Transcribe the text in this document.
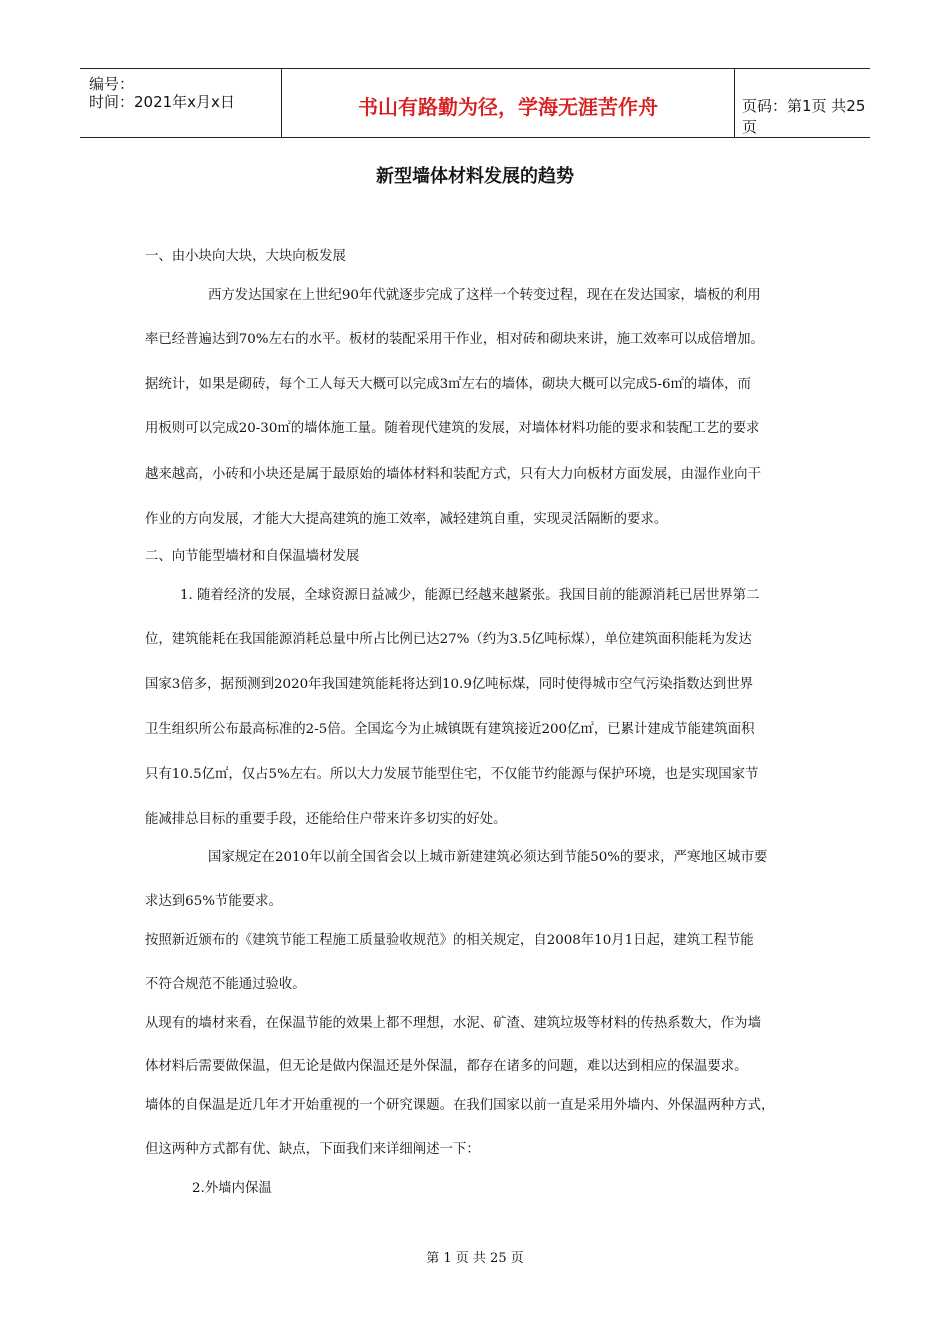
编号：
时间：2021年x月x日	书山有路勤为径，学海无涯苦作舟	页码：第1页 共25页
新型墙体材料发展的趋势
一、由小块向大块，大块向板发展
西方发达国家在上世纪90年代就逐步完成了这样一个转变过程，现在在发达国家，墙板的利用
率已经普遍达到70%左右的水平。板材的装配采用干作业，相对砖和砌块来讲，施工效率可以成倍增加。
据统计，如果是砌砖，每个工人每天大概可以完成3㎡左右的墙体，砌块大概可以完成5-6㎡的墙体，而
用板则可以完成20-30㎡的墙体施工量。随着现代建筑的发展，对墙体材料功能的要求和装配工艺的要求
越来越高，小砖和小块还是属于最原始的墙体材料和装配方式，只有大力向板材方面发展，由湿作业向干
作业的方向发展，才能大大提高建筑的施工效率，减轻建筑自重，实现灵活隔断的要求。
二、向节能型墙材和自保温墙材发展
1. 随着经济的发展，全球资源日益减少，能源已经越来越紧张。我国目前的能源消耗已居世界第二
位，建筑能耗在我国能源消耗总量中所占比例已达27%（约为3.5亿吨标煤），单位建筑面积能耗为发达
国家3倍多，据预测到2020年我国建筑能耗将达到10.9亿吨标煤，同时使得城市空气污染指数达到世界
卫生组织所公布最高标准的2-5倍。全国迄今为止城镇既有建筑接近200亿㎡，已累计建成节能建筑面积
只有10.5亿㎡，仅占5%左右。所以大力发展节能型住宅，不仅能节约能源与保护环境，也是实现国家节
能减排总目标的重要手段，还能给住户带来许多切实的好处。
国家规定在2010年以前全国省会以上城市新建建筑必须达到节能50%的要求，严寒地区城市要
求达到65%节能要求。
按照新近颁布的《建筑节能工程施工质量验收规范》的相关规定，自2008年10月1日起，建筑工程节能
不符合规范不能通过验收。
从现有的墙材来看，在保温节能的效果上都不理想，水泥、矿渣、建筑垃圾等材料的传热系数大，作为墙
体材料后需要做保温，但无论是做内保温还是外保温，都存在诸多的问题，难以达到相应的保温要求。
墙体的自保温是近几年才开始重视的一个研究课题。在我们国家以前一直是采用外墙内、外保温两种方式，
但这两种方式都有优、缺点，下面我们来详细阐述一下：
2.外墙内保温
第 1 页 共 25 页
